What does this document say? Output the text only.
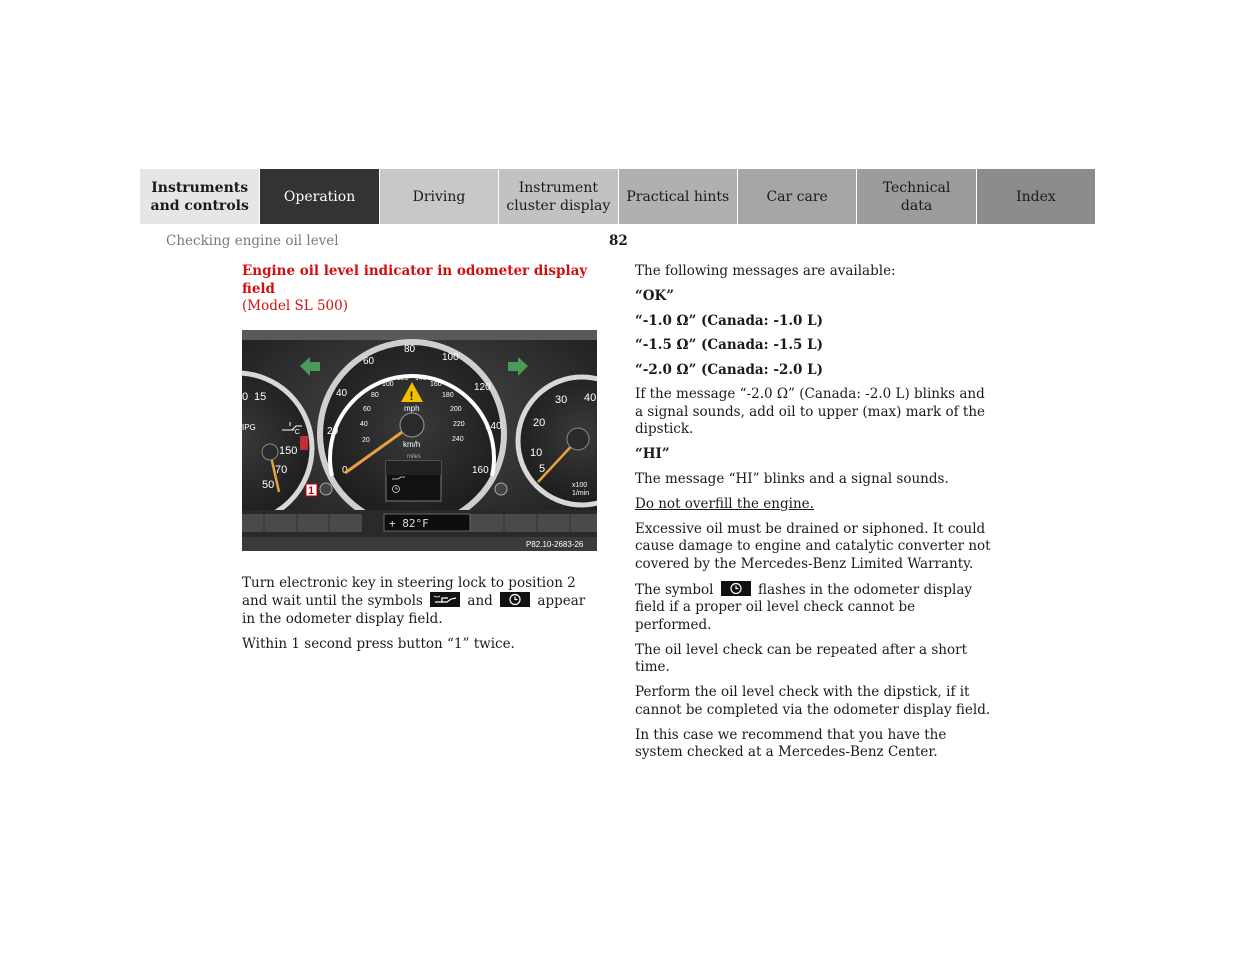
Instruments
and controls
Operation	Driving
Instrument
cluster display
Practical hints	Car care
Technical
data
Index
Checking engine oil level	82

Engine oil level indicator in odometer display field

(Model SL 500)

0 15
IPG
150
70
50
°C
30 40
20
10
5
x100
1/min
80
60	100
40
120
20	140
0	160
120 140
100	160
80	180
60	200
40	220
20	240
!
mph
km/h
miles
1
+ 82°F
P82.10-2683-26

Turn electronic key in steering lock to position 2 and wait until the symbols	and	appear in the odometer display field.

Within 1 second press button “1” twice.

The following messages are available:

“OK”

“-1.0 Ω” (Canada: -1.0 L)

“-1.5 Ω” (Canada: -1.5 L)

“-2.0 Ω” (Canada: -2.0 L)

If the message “-2.0 Ω” (Canada: -2.0 L) blinks and a signal sounds, add oil to upper (max) mark of the dipstick.

“HI”

The message “HI” blinks and a signal sounds.

Do not overfill the engine.

Excessive oil must be drained or siphoned. It could cause damage to engine and catalytic converter not covered by the Mercedes-Benz Limited Warranty.

The symbol	flashes in the odometer display field if a proper oil level check cannot be performed.

The oil level check can be repeated after a short time.

Perform the oil level check with the dipstick, if it cannot be completed via the odometer display field.

In this case we recommend that you have the system checked at a Mercedes-Benz Center.
